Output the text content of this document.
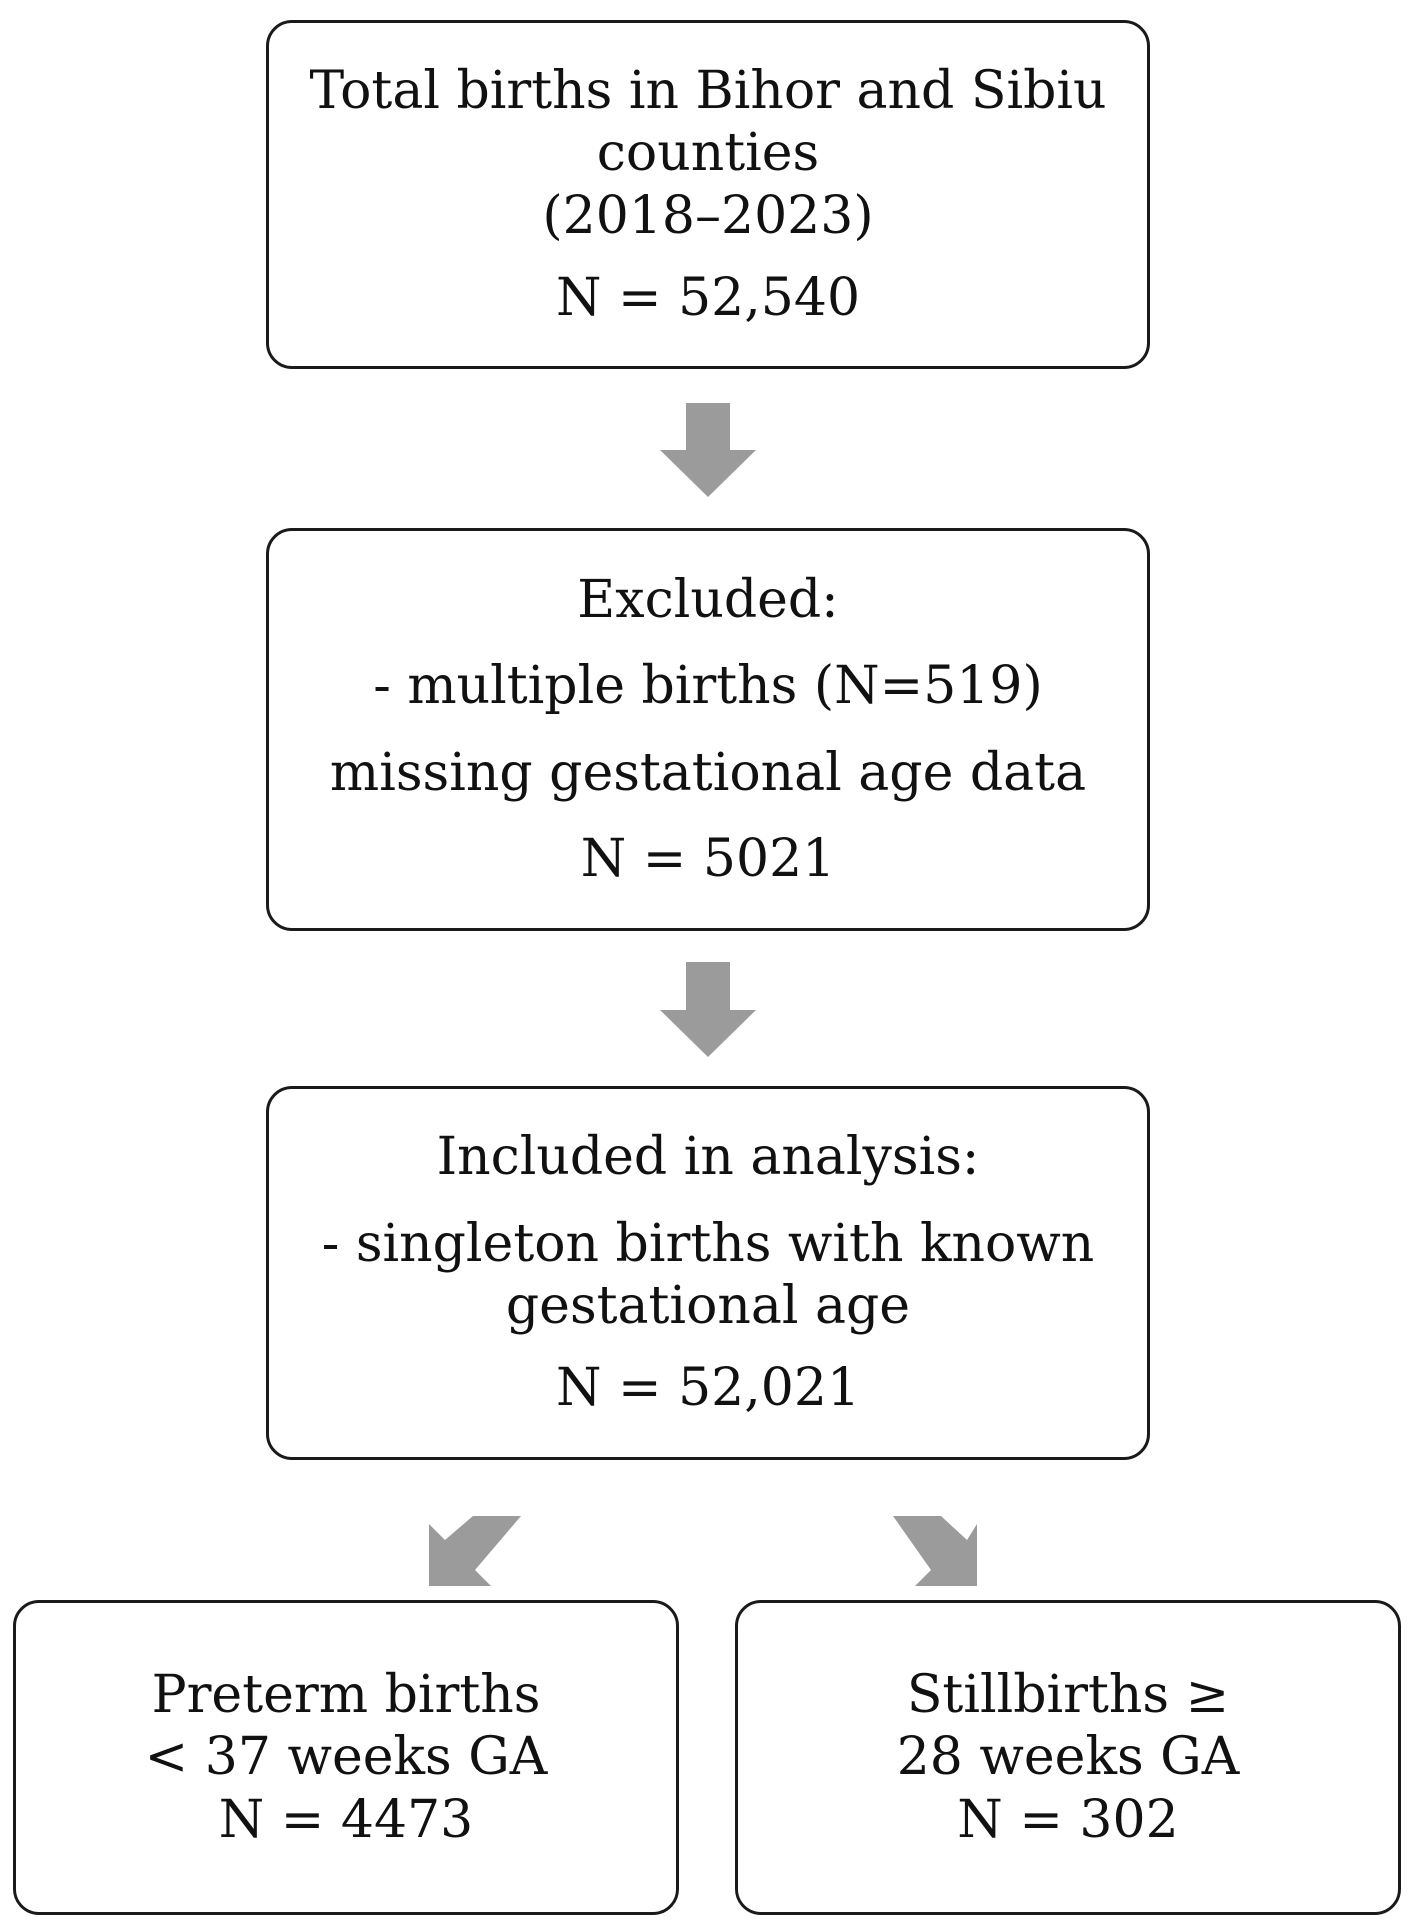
Total births in Bihor and Sibiu
counties
(2018–2023)
N = 52,540
Excluded:
- multiple births (N=519)
missing gestational age data
N = 5021
Included in analysis:
- singleton births with known
gestational age
N = 52,021
Preterm births
< 37 weeks GA
N = 4473
Stillbirths ≥
28 weeks GA
N = 302
